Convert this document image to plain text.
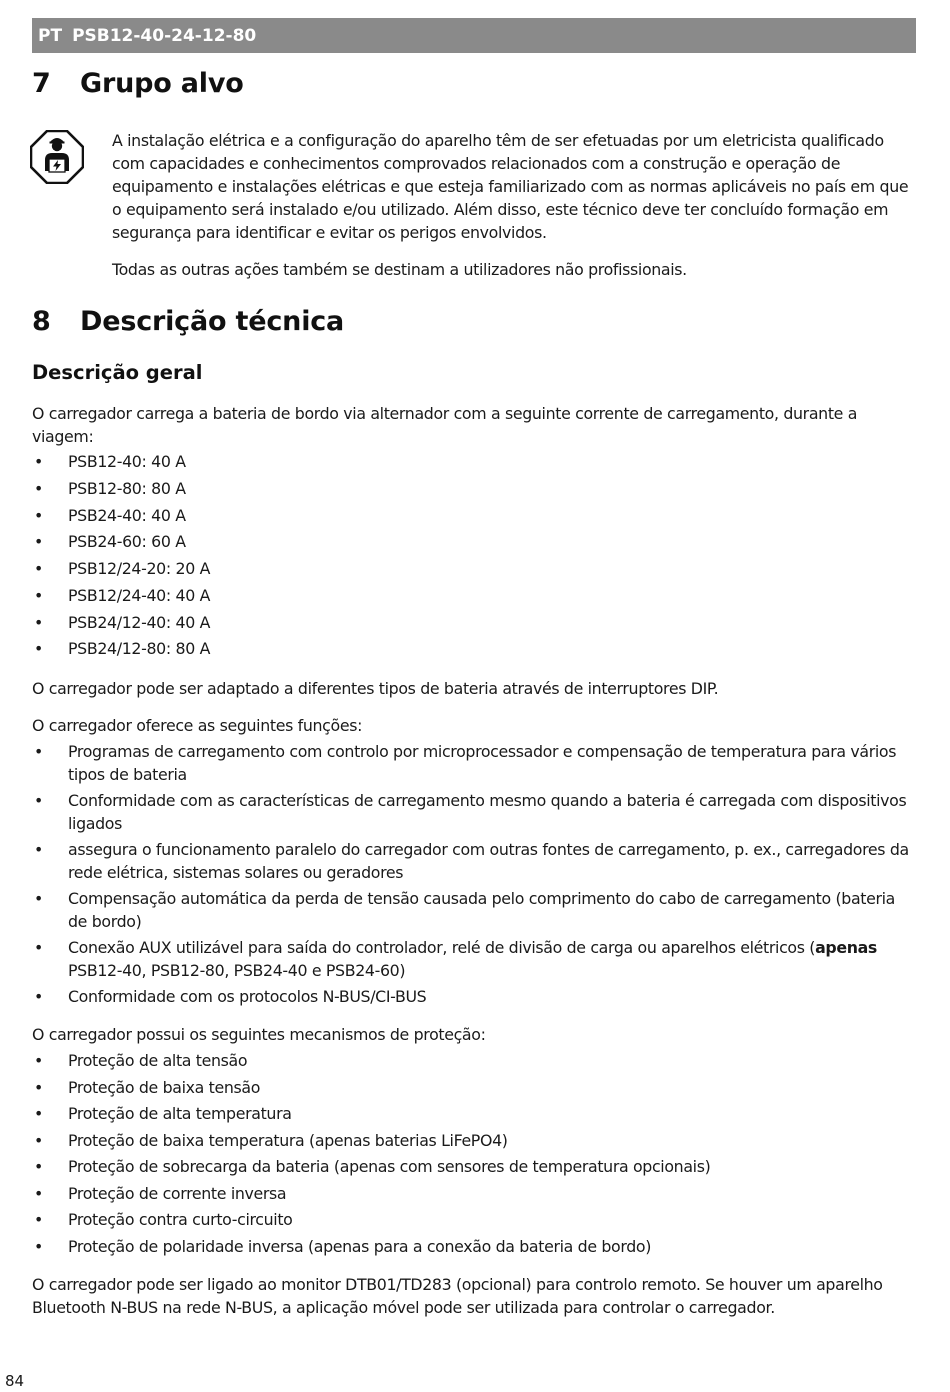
PT PSB12-40-24-12-80
7	Grupo alvo

A instalação elétrica e a configuração do aparelho têm de ser efetuadas por um eletricista qualificado com capacidades e conhecimentos comprovados relacionados com a construção e operação de equipamento e instalações elétricas e que esteja familiarizado com as normas aplicáveis no país em que o equipamento será instalado e/ou utilizado. Além disso, este técnico deve ter concluído formação em segurança para identificar e evitar os perigos envolvidos.

Todas as outras ações também se destinam a utilizadores não profissionais.

8	Descrição técnica
Descrição geral

O carregador carrega a bateria de bordo via alternador com a seguinte corrente de carregamento, durante a viagem:

• PSB12-40: 40 A
• PSB12-80: 80 A
• PSB24-40: 40 A
• PSB24-60: 60 A
• PSB12/24-20: 20 A
• PSB12/24-40: 40 A
• PSB24/12-40: 40 A
• PSB24/12-80: 80 A

O carregador pode ser adaptado a diferentes tipos de bateria através de interruptores DIP.

O carregador oferece as seguintes funções:

• Programas de carregamento com controlo por microprocessador e compensação de temperatura para vários tipos de bateria
• Conformidade com as características de carregamento mesmo quando a bateria é carregada com dispositivos ligados
• assegura o funcionamento paralelo do carregador com outras fontes de carregamento, p. ex., carregadores da rede elétrica, sistemas solares ou geradores
• Compensação automática da perda de tensão causada pelo comprimento do cabo de carregamento (bateria de bordo)
• Conexão AUX utilizável para saída do controlador, relé de divisão de carga ou aparelhos elétricos (apenas PSB12-40, PSB12-80, PSB24-40 e PSB24-60)
• Conformidade com os protocolos N-BUS/CI-BUS

O carregador possui os seguintes mecanismos de proteção:

• Proteção de alta tensão
• Proteção de baixa tensão
• Proteção de alta temperatura
• Proteção de baixa temperatura (apenas baterias LiFePO4)
• Proteção de sobrecarga da bateria (apenas com sensores de temperatura opcionais)
• Proteção de corrente inversa
• Proteção contra curto-circuito
• Proteção de polaridade inversa (apenas para a conexão da bateria de bordo)

O carregador pode ser ligado ao monitor DTB01/TD283 (opcional) para controlo remoto. Se houver um aparelho Bluetooth N-BUS na rede N-BUS, a aplicação móvel pode ser utilizada para controlar o carregador.

84
